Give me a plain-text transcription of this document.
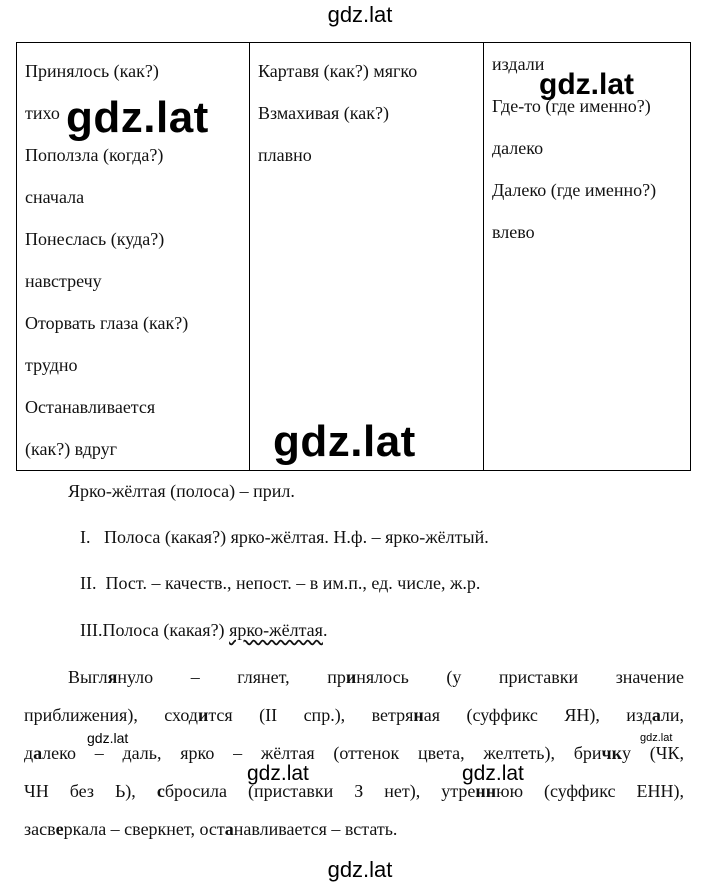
gdz.lat
Принялось (как?)
тихо
Поползла (когда?)
сначала
Понеслась (куда?)
навстречу
Оторвать глаза (как?)
трудно
Останавливается
(как?) вдруг

Картавя (как?) мягко
Взмахивая (как?)
плавно

издали
Где-то (где именно?)
далеко
Далеко (где именно?)
влево
Ярко-жёлтая (полоса) – прил.
I.   Полоса (какая?) ярко-жёлтая. Н.ф. – ярко-жёлтый.
II.  Пост. – качеств., непост. – в им.п., ед. числе, ж.р.
III.Полоса (какая?) ярко-жёлтая.
Выглянуло – глянет, принялось (у приставки значение
приближения), сходится (II спр.), ветряная (суффикс ЯН), издали,
далеко – даль, ярко – жёлтая (оттенок цвета, желтеть), бричку (ЧК,
ЧН без Ь), сбросила (приставки З нет), утреннюю (суффикс ЕНН),
засверкала – сверкнет, останавливается – встать.
gdz.lat
gdz.lat
gdz.lat
gdz.lat	gdz.lat
gdz.lat	gdz.lat
gdz.lat
